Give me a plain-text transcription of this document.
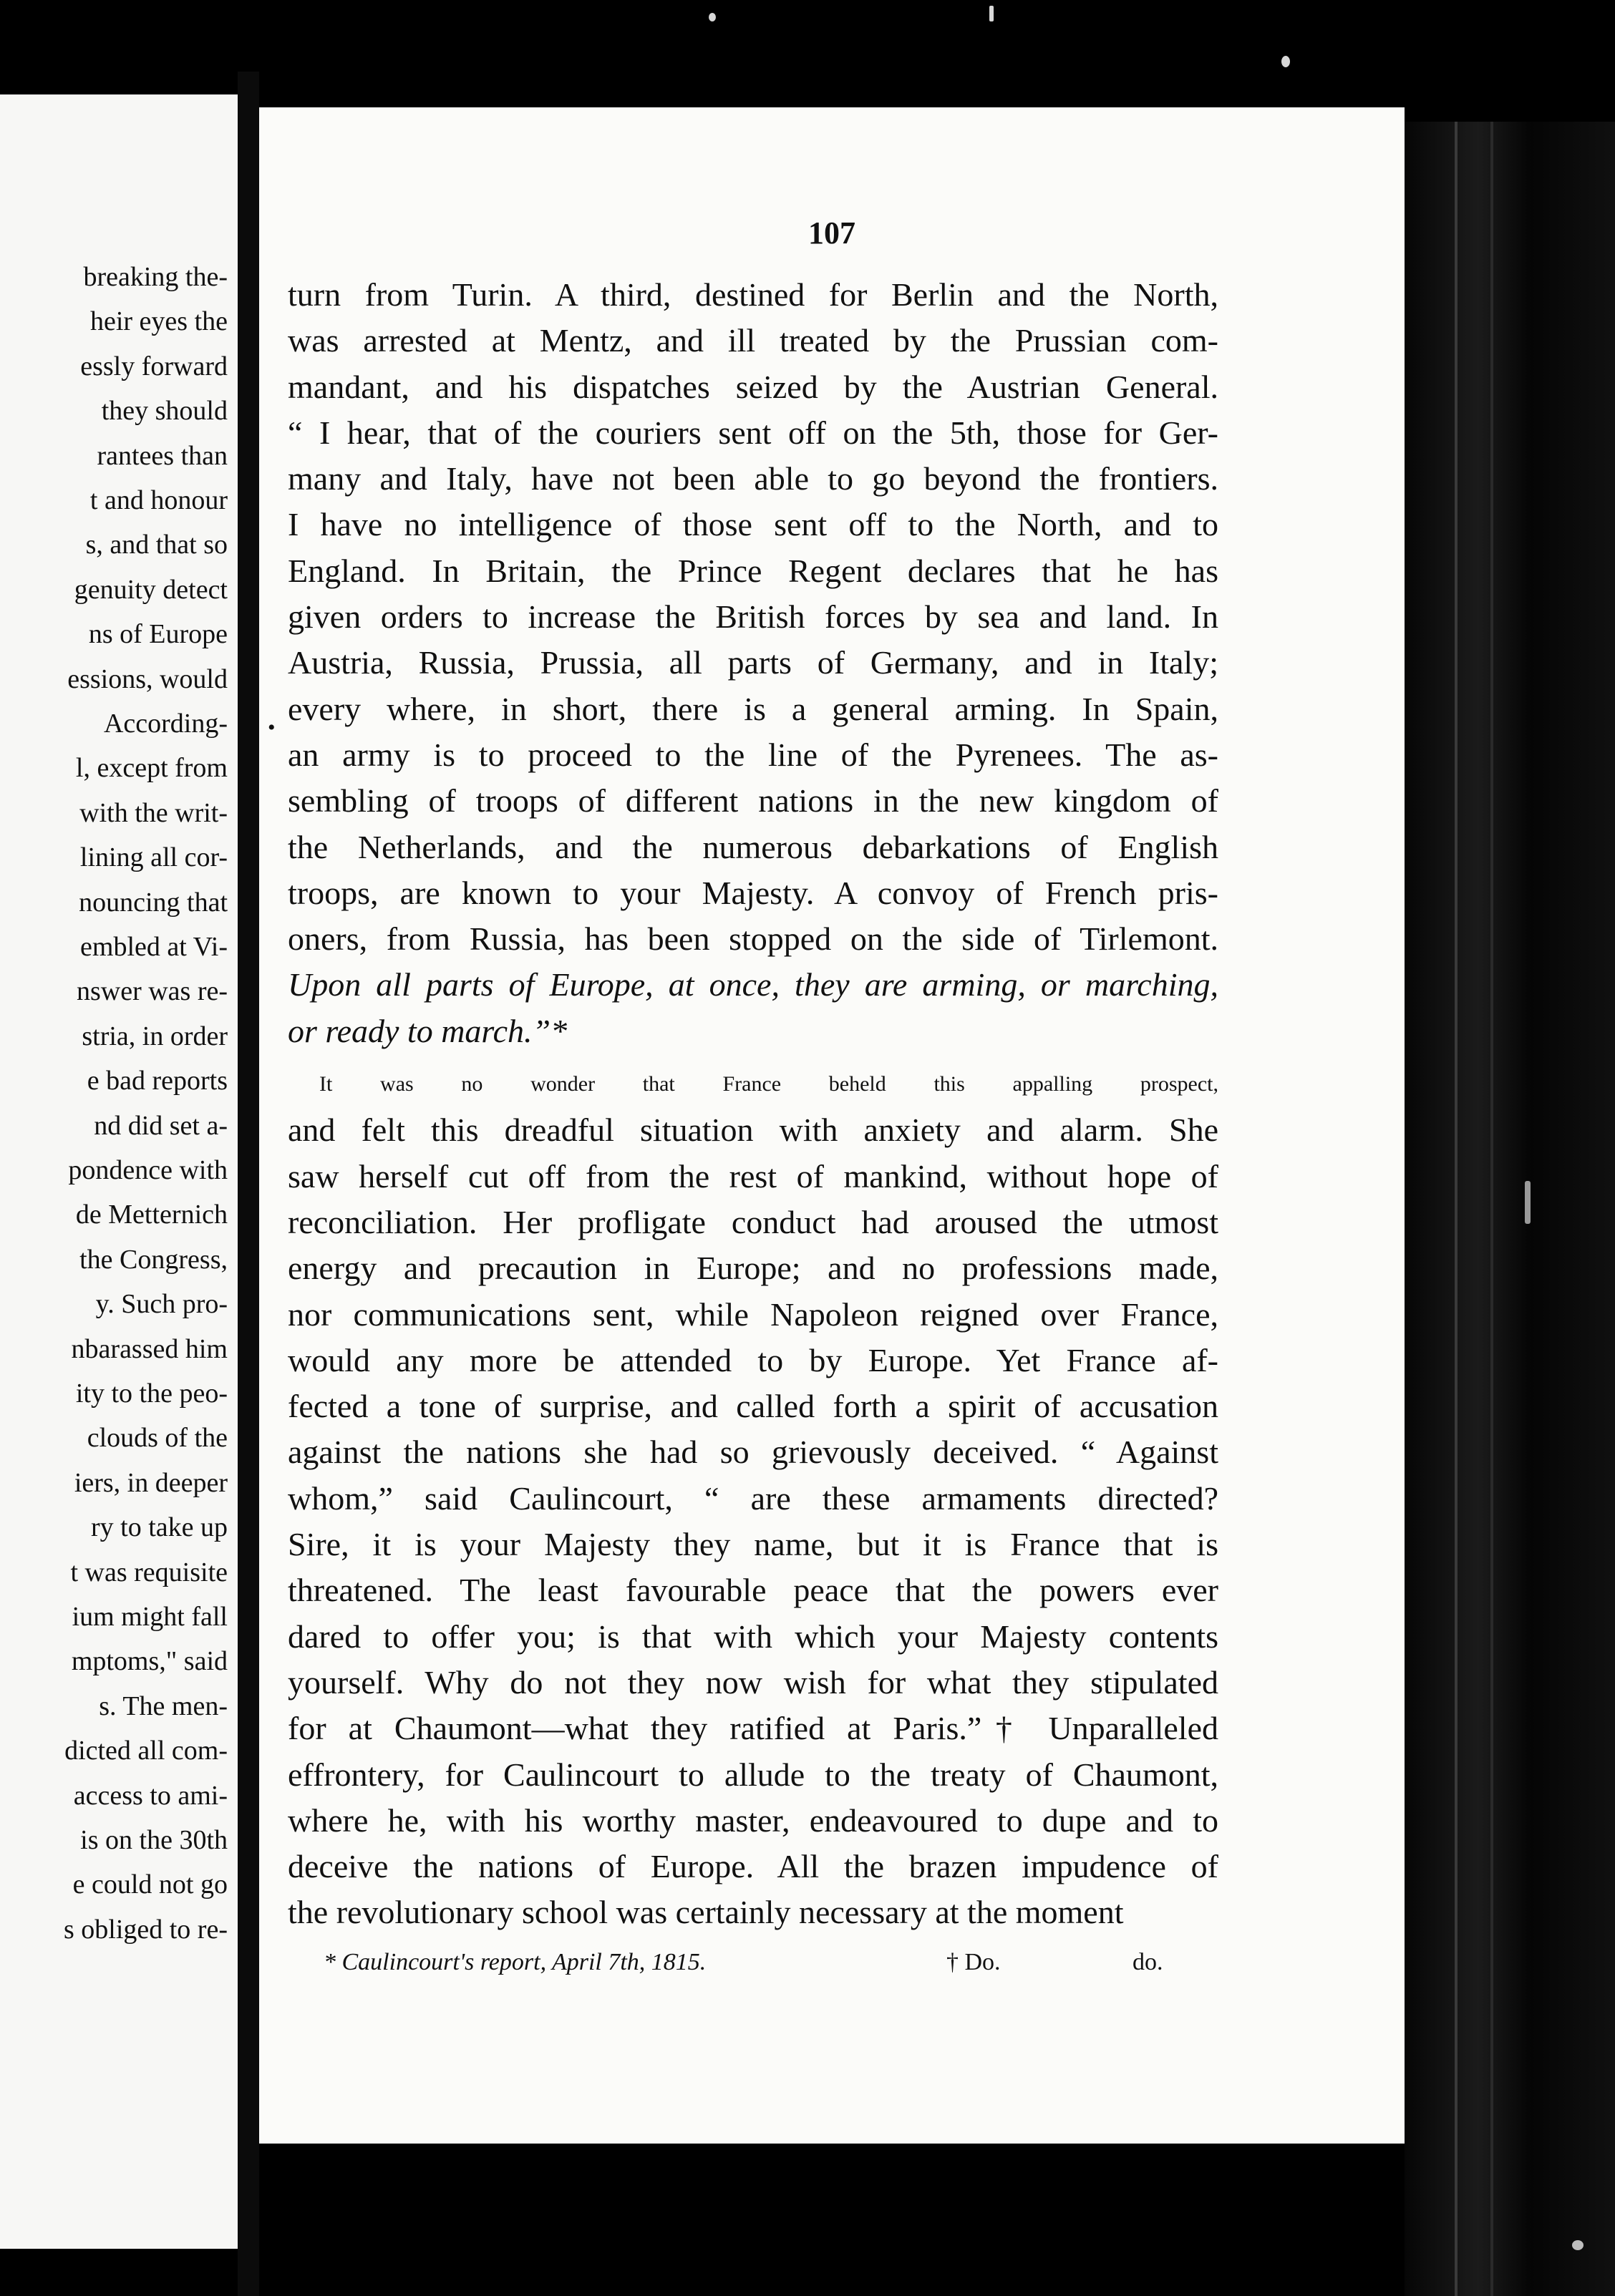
breaking the-
heir eyes the
essly forward
they should
rantees than
t and honour
s, and that so
genuity detect
ns of Europe
essions, would
According-
l, except from
with the writ-
lining all cor-
nouncing that
embled at Vi-
nswer was re-
stria, in order
e bad reports
nd did set a-
pondence with
de Metternich
the Congress,
y. Such pro-
nbarassed him
ity to the peo-
clouds of the
iers, in deeper
ry to take up
t was requisite
ium might fall
mptoms," said
s. The men-
dicted all com-
access to ami-
is on the 30th
e could not go
s obliged to re-
107
•
turn from Turin. A third, destined for Berlin and the North,
was arrested at Mentz, and ill treated by the Prussian com-
mandant, and his dispatches seized by the Austrian General.
“ I hear, that of the couriers sent off on the 5th, those for Ger-
many and Italy, have not been able to go beyond the frontiers.
I have no intelligence of those sent off to the North, and to
England. In Britain, the Prince Regent declares that he has
given orders to increase the British forces by sea and land. In
Austria, Russia, Prussia, all parts of Germany, and in Italy;
every where, in short, there is a general arming. In Spain,
an army is to proceed to the line of the Pyrenees. The as-
sembling of troops of different nations in the new kingdom of
the Netherlands, and the numerous debarkations of English
troops, are known to your Majesty. A convoy of French pris-
oners, from Russia, has been stopped on the side of Tirlemont.
Upon all parts of Europe, at once, they are arming, or marching,
or ready to march.”*
It was no wonder that France beheld this appalling prospect,
and felt this dreadful situation with anxiety and alarm. She
saw herself cut off from the rest of mankind, without hope of
reconciliation. Her profligate conduct had aroused the utmost
energy and precaution in Europe; and no professions made,
nor communications sent, while Napoleon reigned over France,
would any more be attended to by Europe. Yet France af-
fected a tone of surprise, and called forth a spirit of accusation
against the nations she had so grievously deceived. “ Against
whom,” said Caulincourt, “ are these armaments directed?
Sire, it is your Majesty they name, but it is France that is
threatened. The least favourable peace that the powers ever
dared to offer you; is that with which your Majesty contents
yourself. Why do not they now wish for what they stipulated
for at Chaumont—what they ratified at Paris.”† Unparalleled
effrontery, for Caulincourt to allude to the treaty of Chaumont,
where he, with his worthy master, endeavoured to dupe and to
deceive the nations of Europe. All the brazen impudence of
the revolutionary school was certainly necessary at the moment
* Caulincourt's report, April 7th, 1815.	† Do.	do.
